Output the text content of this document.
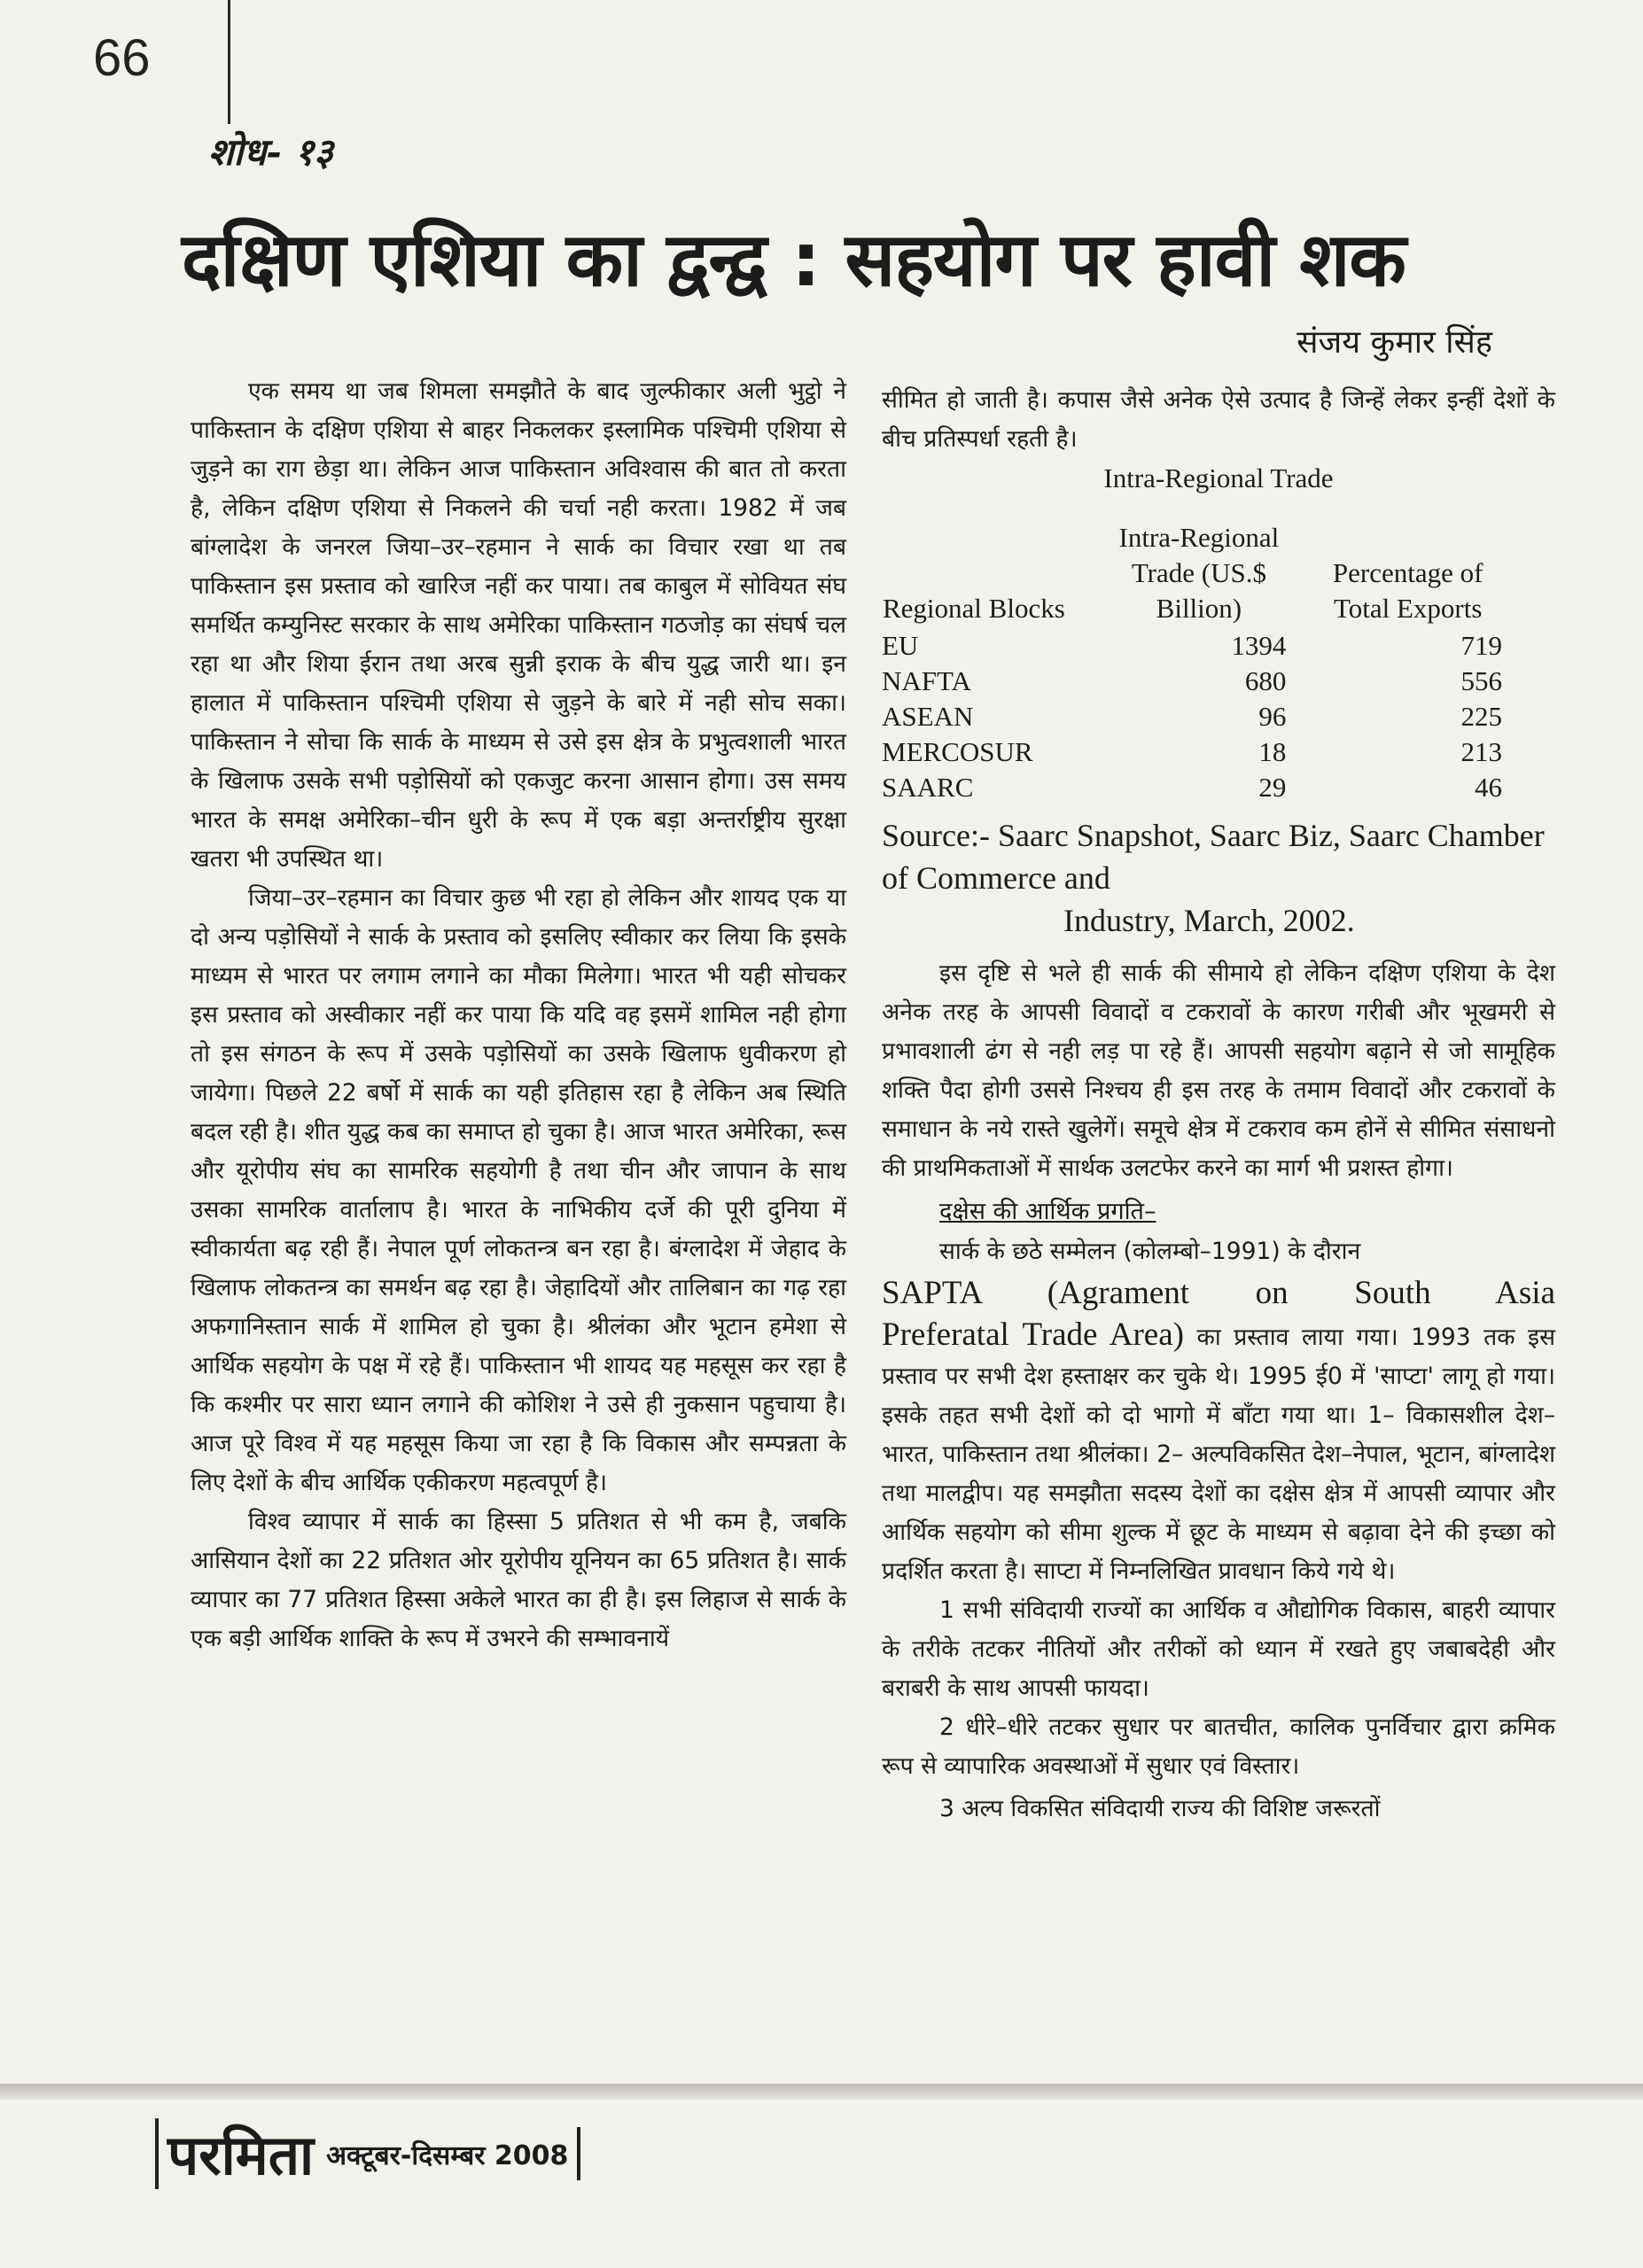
66
शोध- १३
दक्षिण एशिया का द्वन्द्व : सहयोग पर हावी शक
संजय कुमार सिंह

एक समय था जब शिमला समझौते के बाद जुल्फीकार अली भुट्ठो ने पाकिस्तान के दक्षिण एशिया से बाहर निकलकर इस्लामिक पश्चिमी एशिया से जुड़ने का राग छेड़ा था। लेकिन आज पाकिस्तान अविश्वास की बात तो करता है, लेकिन दक्षिण एशिया से निकलने की चर्चा नही करता। 1982 में जब बांग्लादेश के जनरल जिया–उर–रहमान ने सार्क का विचार रखा था तब पाकिस्तान इस प्रस्ताव को खारिज नहीं कर पाया। तब काबुल में सोवियत संघ समर्थित कम्युनिस्ट सरकार के साथ अमेरिका पाकिस्तान गठजोड़ का संघर्ष चल रहा था और शिया ईरान तथा अरब सुन्नी इराक के बीच युद्ध जारी था। इन हालात में पाकिस्तान पश्चिमी एशिया से जुड़ने के बारे में नही सोच सका। पाकिस्तान ने सोचा कि सार्क के माध्यम से उसे इस क्षेत्र के प्रभुत्वशाली भारत के खिलाफ उसके सभी पड़ोसियों को एकजुट करना आसान होगा। उस समय भारत के समक्ष अमेरिका–चीन धुरी के रूप में एक बड़ा अन्तर्राष्ट्रीय सुरक्षा खतरा भी उपस्थित था।

जिया–उर–रहमान का विचार कुछ भी रहा हो लेकिन और शायद एक या दो अन्य पड़ोसियों ने सार्क के प्रस्ताव को इसलिए स्वीकार कर लिया कि इसके माध्यम से भारत पर लगाम लगाने का मौका मिलेगा। भारत भी यही सोचकर इस प्रस्ताव को अस्वीकार नहीं कर पाया कि यदि वह इसमें शामिल नही होगा तो इस संगठन के रूप में उसके पड़ोसियों का उसके खिलाफ धुवीकरण हो जायेगा। पिछले 22 बर्षो में सार्क का यही इतिहास रहा है लेकिन अब स्थिति बदल रही है। शीत युद्ध कब का समाप्त हो चुका है। आज भारत अमेरिका, रूस और यूरोपीय संघ का सामरिक सहयोगी है तथा चीन और जापान के साथ उसका सामरिक वार्तालाप है। भारत के नाभिकीय दर्जे की पूरी दुनिया में स्वीकार्यता बढ़ रही हैं। नेपाल पूर्ण लोकतन्त्र बन रहा है। बंग्लादेश में जेहाद के खिलाफ लोकतन्त्र का समर्थन बढ़ रहा है। जेहादियों और तालिबान का गढ़ रहा अफगानिस्तान सार्क में शामिल हो चुका है। श्रीलंका और भूटान हमेशा से आर्थिक सहयोग के पक्ष में रहे हैं। पाकिस्तान भी शायद यह महसूस कर रहा है कि कश्मीर पर सारा ध्यान लगाने की कोशिश ने उसे ही नुकसान पहुचाया है। आज पूरे विश्व में यह महसूस किया जा रहा है कि विकास और सम्पन्नता के लिए देशों के बीच आर्थिक एकीकरण महत्वपूर्ण है।

विश्व व्यापार में सार्क का हिस्सा 5 प्रतिशत से भी कम है, जबकि आसियान देशों का 22 प्रतिशत ओर यूरोपीय यूनियन का 65 प्रतिशत है। सार्क व्यापार का 77 प्रतिशत हिस्सा अकेले भारत का ही है। इस लिहाज से सार्क के एक बड़ी आर्थिक शाक्ति के रूप में उभरने की सम्भावनायें

सीमित हो जाती है। कपास जैसे अनेक ऐसे उत्पाद है जिन्हें लेकर इन्हीं देशों के बीच प्रतिस्पर्धा रहती है।

Intra-Regional Trade
Regional Blocks	Intra-Regional Trade (US.$ Billion)	Percentage of Total Exports
EU	1394	719
NAFTA	680	556
ASEAN	96	225
MERCOSUR	18	213
SAARC	29	46
Source:- Saarc Snapshot, Saarc Biz, Saarc Chamber of Commerce and
Industry, March, 2002.

इस दृष्टि से भले ही सार्क की सीमाये हो लेकिन दक्षिण एशिया के देश अनेक तरह के आपसी विवादों व टकरावों के कारण गरीबी और भूखमरी से प्रभावशाली ढंग से नही लड़ पा रहे हैं। आपसी सहयोग बढ़ाने से जो सामूहिक शक्ति पैदा होगी उससे निश्चय ही इस तरह के तमाम विवादों और टकरावों के समाधान के नये रास्ते खुलेगें। समूचे क्षेत्र में टकराव कम होनें से सीमित संसाधनो की प्राथमिकताओं में सार्थक उलटफेर करने का मार्ग भी प्रशस्त होगा।

दक्षेस की आर्थिक प्रगति–

सार्क के छठे सम्मेलन (कोलम्बो–1991) के दौरान

SAPTA (Agrament on South Asia
Preferatal Trade Area) का प्रस्ताव लाया गया। 1993 तक इस प्रस्ताव पर सभी देश हस्ताक्षर कर चुके थे। 1995 ई0 में 'साप्टा' लागू हो गया। इसके तहत सभी देशों को दो भागो में बाँटा गया था। 1– विकासशील देश– भारत, पाकिस्तान तथा श्रीलंका। 2– अल्पविकसित देश–नेपाल, भूटान, बांग्लादेश तथा मालद्वीप। यह समझौता सदस्य देशों का दक्षेस क्षेत्र में आपसी व्यापार और आर्थिक सहयोग को सीमा शुल्क में छूट के माध्यम से बढ़ावा देने की इच्छा को प्रदर्शित करता है। साप्टा में निम्नलिखित प्रावधान किये गये थे।

1 सभी संविदायी राज्यों का आर्थिक व औद्योगिक विकास, बाहरी व्यापार के तरीके तटकर नीतियों और तरीकों को ध्यान में रखते हुए जबाबदेही और बराबरी के साथ आपसी फायदा।

2 धीरे–धीरे तटकर सुधार पर बातचीत, कालिक पुनर्विचार द्वारा क्रमिक रूप से व्यापारिक अवस्थाओं में सुधार एवं विस्तार।

3 अल्प विकसित संविदायी राज्य की विशिष्ट जरूरतों

परमिता अक्टूबर-दिसम्बर 2008
